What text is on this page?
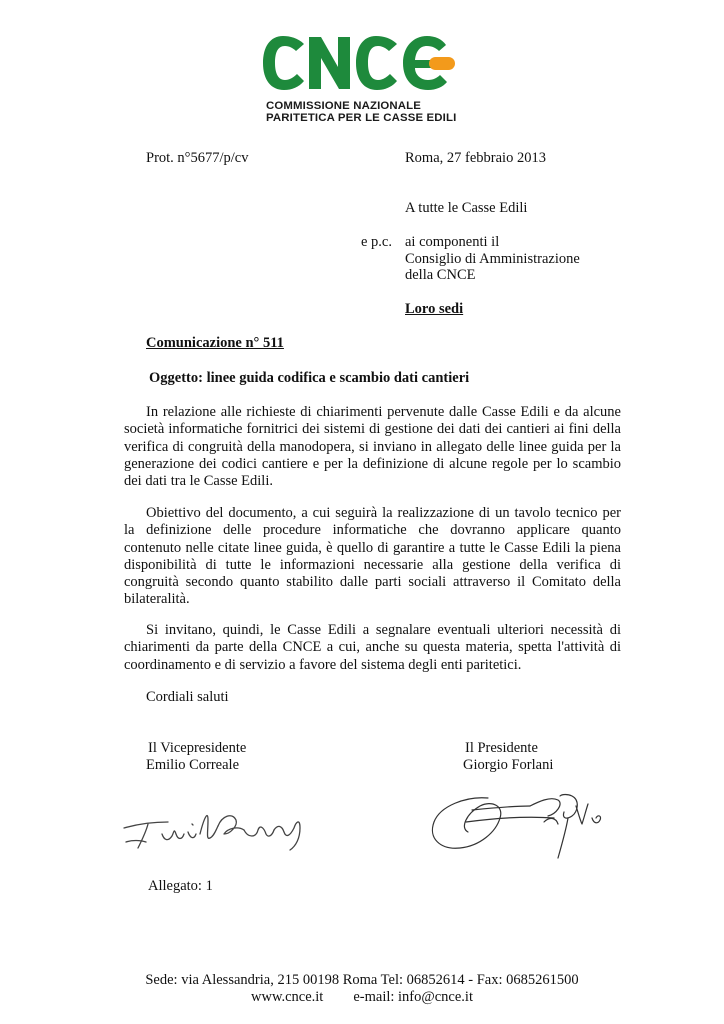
COMMISSIONE NAZIONALE
PARITETICA PER LE CASSE EDILI
Prot. n°5677/p/cv	Roma, 27 febbraio 2013
A tutte le Casse Edili
e p.c. ai componenti il
Consiglio di Amministrazione
della CNCE
Loro sedi
Comunicazione n° 511
Oggetto: linee guida codifica e scambio dati cantieri
In relazione alle richieste di chiarimenti pervenute dalle Casse Edili e da alcune
società informatiche fornitrici dei sistemi di gestione dei dati dei cantieri ai fini della
verifica di congruità della manodopera, si inviano in allegato delle linee guida per la
generazione dei codici cantiere e per la definizione di alcune regole per lo scambio
dei dati tra le Casse Edili.
Obiettivo del documento, a cui seguirà la realizzazione di un tavolo tecnico per
la definizione delle procedure informatiche che dovranno applicare quanto
contenuto nelle citate linee guida, è quello di garantire a tutte le Casse Edili la piena
disponibilità di tutte le informazioni necessarie alla gestione della verifica di
congruità secondo quanto stabilito dalle parti sociali attraverso il Comitato della
bilateralità.
Si invitano, quindi, le Casse Edili a segnalare eventuali ulteriori necessità di
chiarimenti da parte della CNCE a cui, anche su questa materia, spetta l'attività di
coordinamento e di servizio a favore del sistema degli enti paritetici.
Cordiali saluti
Il Vicepresidente
Emilio Correale
Il Presidente
Giorgio Forlani
Allegato: 1
Sede: via Alessandria, 215 00198 Roma Tel: 06852614 - Fax: 0685261500
www.cnce.it e-mail: info@cnce.it
